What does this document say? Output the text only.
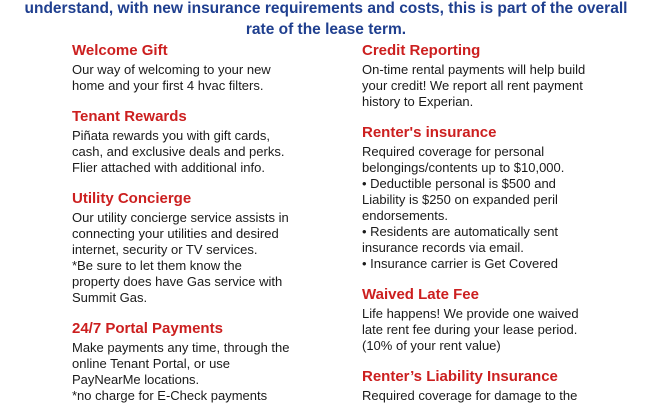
understand, with new insurance requirements and costs, this is part of the overall
rate of the lease term.
Welcome Gift
Our way of welcoming to your new
home and your first 4 hvac filters.
Tenant Rewards
Piñata rewards you with gift cards,
cash, and exclusive deals and perks.
Flier attached with additional info.
Utility Concierge
Our utility concierge service assists in
connecting your utilities and desired
internet, security or TV services.
*Be sure to let them know the
property does have Gas service with
Summit Gas.
24/7 Portal Payments
Make payments any time, through the
online Tenant Portal, or use
PayNearMe locations.
*no charge for E-Check payments
Credit Reporting
On-time rental payments will help build
your credit! We report all rent payment
history to Experian.
Renter's insurance
Required coverage for personal
belongings/contents up to $10,000.
• Deductible personal is $500 and
Liability is $250 on expanded peril
endorsements.
• Residents are automatically sent
insurance records via email.
• Insurance carrier is Get Covered
Waived Late Fee
Life happens! We provide one waived
late rent fee during your lease period.
(10% of your rent value)
Renter’s Liability Insurance
Required coverage for damage to the
